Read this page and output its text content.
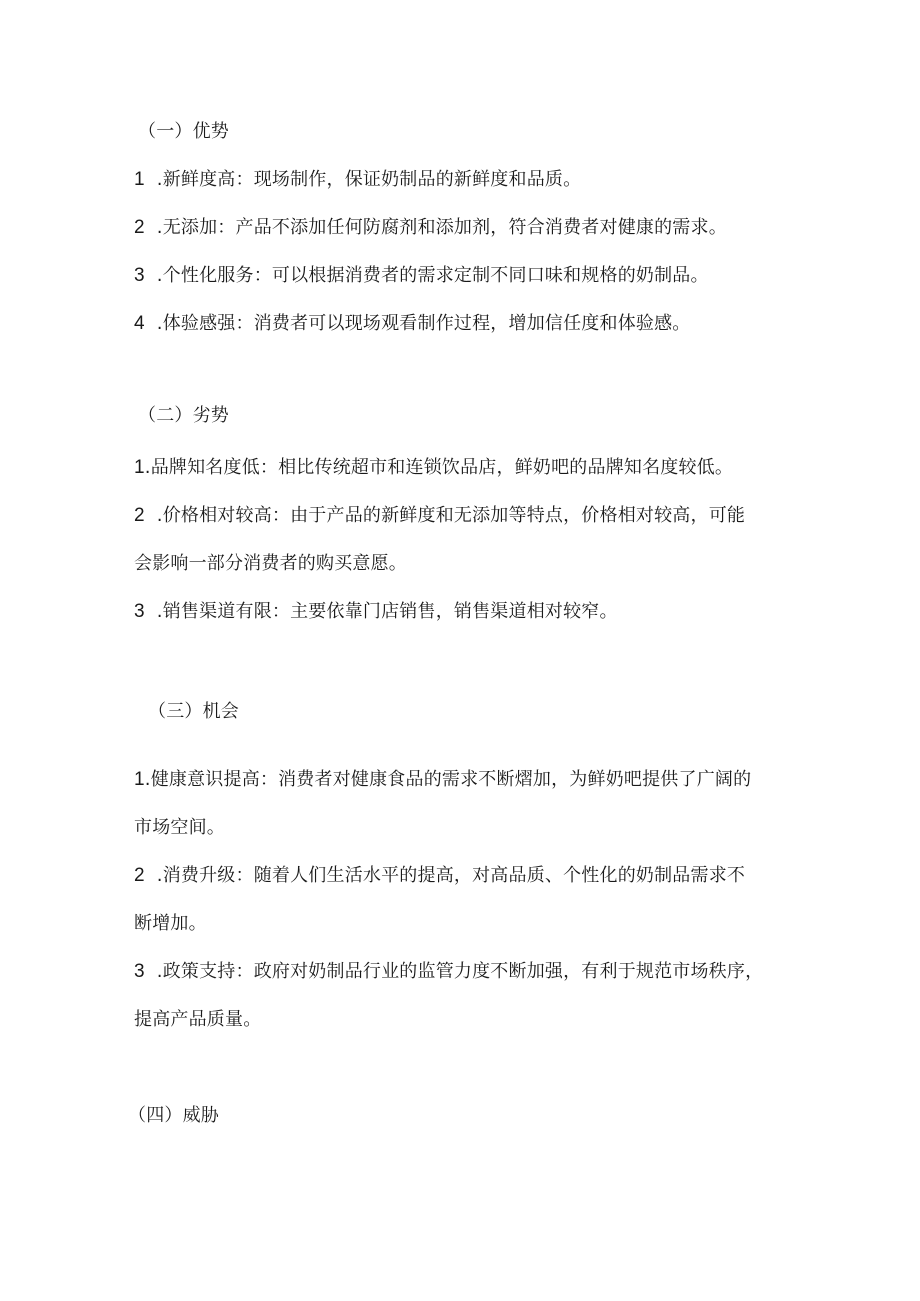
（一）优势
1 .新鲜度高：现场制作，保证奶制品的新鲜度和品质。
2 .无添加：产品不添加任何防腐剂和添加剂，符合消费者对健康的需求。
3 .个性化服务：可以根据消费者的需求定制不同口味和规格的奶制品。
4 .体验感强：消费者可以现场观看制作过程，增加信任度和体验感。
（二）劣势
1.品牌知名度低：相比传统超市和连锁饮品店，鲜奶吧的品牌知名度较低。
2 .价格相对较高：由于产品的新鲜度和无添加等特点，价格相对较高，可能
会影响一部分消费者的购买意愿。
3 .销售渠道有限：主要依靠门店销售，销售渠道相对较窄。
（三）机会
1.健康意识提高：消费者对健康食品的需求不断熠加，为鲜奶吧提供了广阔的
市场空间。
2 .消费升级：随着人们生活水平的提高，对高品质、个性化的奶制品需求不
断增加。
3 .政策支持：政府对奶制品行业的监管力度不断加强，有利于规范市场秩序，
提高产品质量。
（四）威胁
